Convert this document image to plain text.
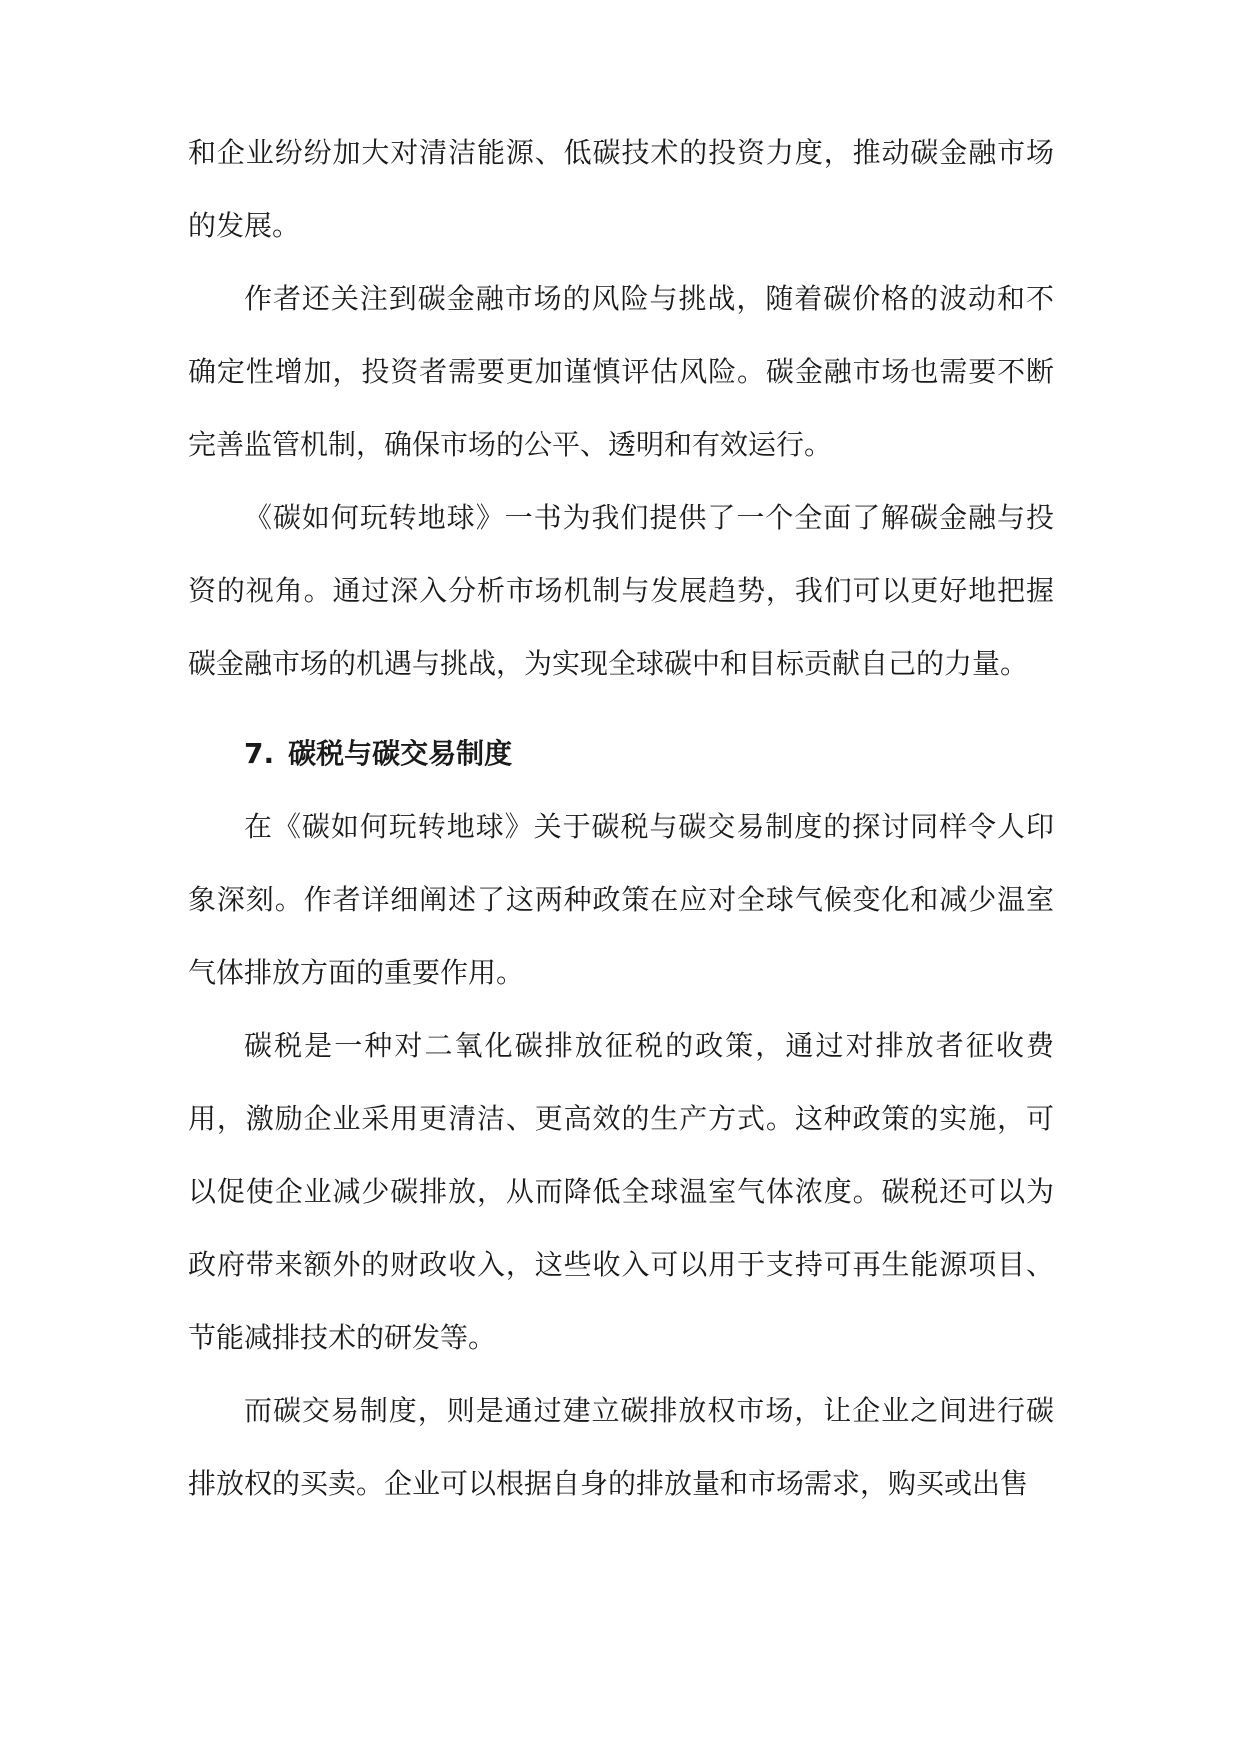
和企业纷纷加大对清洁能源、低碳技术的投资力度，推动碳金融市场的发展。

作者还关注到碳金融市场的风险与挑战，随着碳价格的波动和不确定性增加，投资者需要更加谨慎评估风险。碳金融市场也需要不断完善监管机制，确保市场的公平、透明和有效运行。

《碳如何玩转地球》一书为我们提供了一个全面了解碳金融与投资的视角。通过深入分析市场机制与发展趋势，我们可以更好地把握碳金融市场的机遇与挑战，为实现全球碳中和目标贡献自己的力量。

7. 碳税与碳交易制度

在《碳如何玩转地球》关于碳税与碳交易制度的探讨同样令人印象深刻。作者详细阐述了这两种政策在应对全球气候变化和减少温室气体排放方面的重要作用。

碳税是一种对二氧化碳排放征税的政策，通过对排放者征收费用，激励企业采用更清洁、更高效的生产方式。这种政策的实施，可以促使企业减少碳排放，从而降低全球温室气体浓度。碳税还可以为政府带来额外的财政收入，这些收入可以用于支持可再生能源项目、节能减排技术的研发等。

而碳交易制度，则是通过建立碳排放权市场，让企业之间进行碳排放权的买卖。企业可以根据自身的排放量和市场需求，购买或出售
